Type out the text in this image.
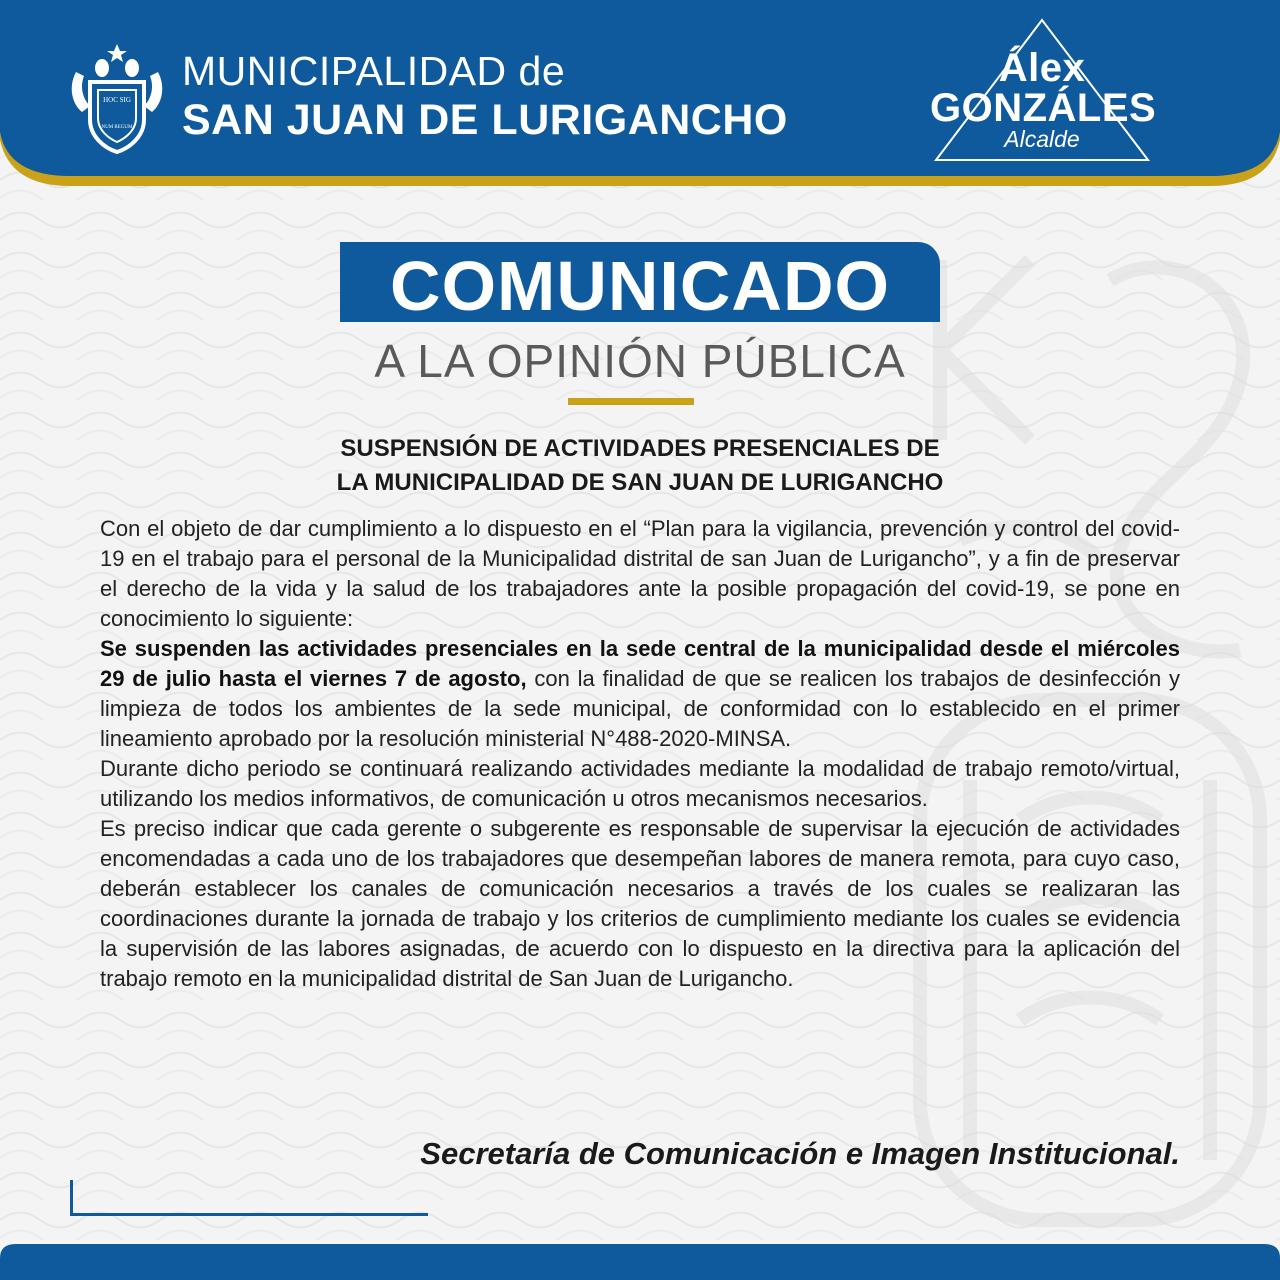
IK
HOC SIG
NUM REGUM
MUNICIPALIDAD de
SAN JUAN DE LURIGANCHO
Álex
GONZÁLES
Alcalde
COMUNICADO
A LA OPINIÓN PÚBLICA
SUSPENSIÓN DE ACTIVIDADES PRESENCIALES DE
LA MUNICIPALIDAD DE SAN JUAN DE LURIGANCHO

Con el objeto de dar cumplimiento a lo dispuesto en el “Plan para la vigilancia, prevención y control del covid-19 en el trabajo para el personal de la Municipalidad distrital de san Juan de Lurigancho”, y a fin de preservar el derecho de la vida y la salud de los trabajadores ante la posible propagación del covid-19, se pone en conocimiento lo siguiente:

Se suspenden las actividades presenciales en la sede central de la municipalidad desde el miércoles 29 de julio hasta el viernes 7 de agosto, con la finalidad de que se realicen los trabajos de desinfección y limpieza de todos los ambientes de la sede municipal, de conformidad con lo establecido en el primer lineamiento aprobado por la resolución ministerial N°488-2020-MINSA.

Durante dicho periodo se continuará realizando actividades mediante la modalidad de trabajo remoto/virtual, utilizando los medios informativos, de comunicación u otros mecanismos necesarios.

Es preciso indicar que cada gerente o subgerente es responsable de supervisar la ejecución de actividades encomendadas a cada uno de los trabajadores que desempeñan labores de manera remota, para cuyo caso, deberán establecer los canales de comunicación necesarios a través de los cuales se realizaran las coordinaciones durante la jornada de trabajo y los criterios de cumplimiento mediante los cuales se evidencia la supervisión de las labores asignadas, de acuerdo con lo dispuesto en la directiva para la aplicación del trabajo remoto en la municipalidad distrital de San Juan de Lurigancho.

Secretaría de Comunicación e Imagen Institucional.
